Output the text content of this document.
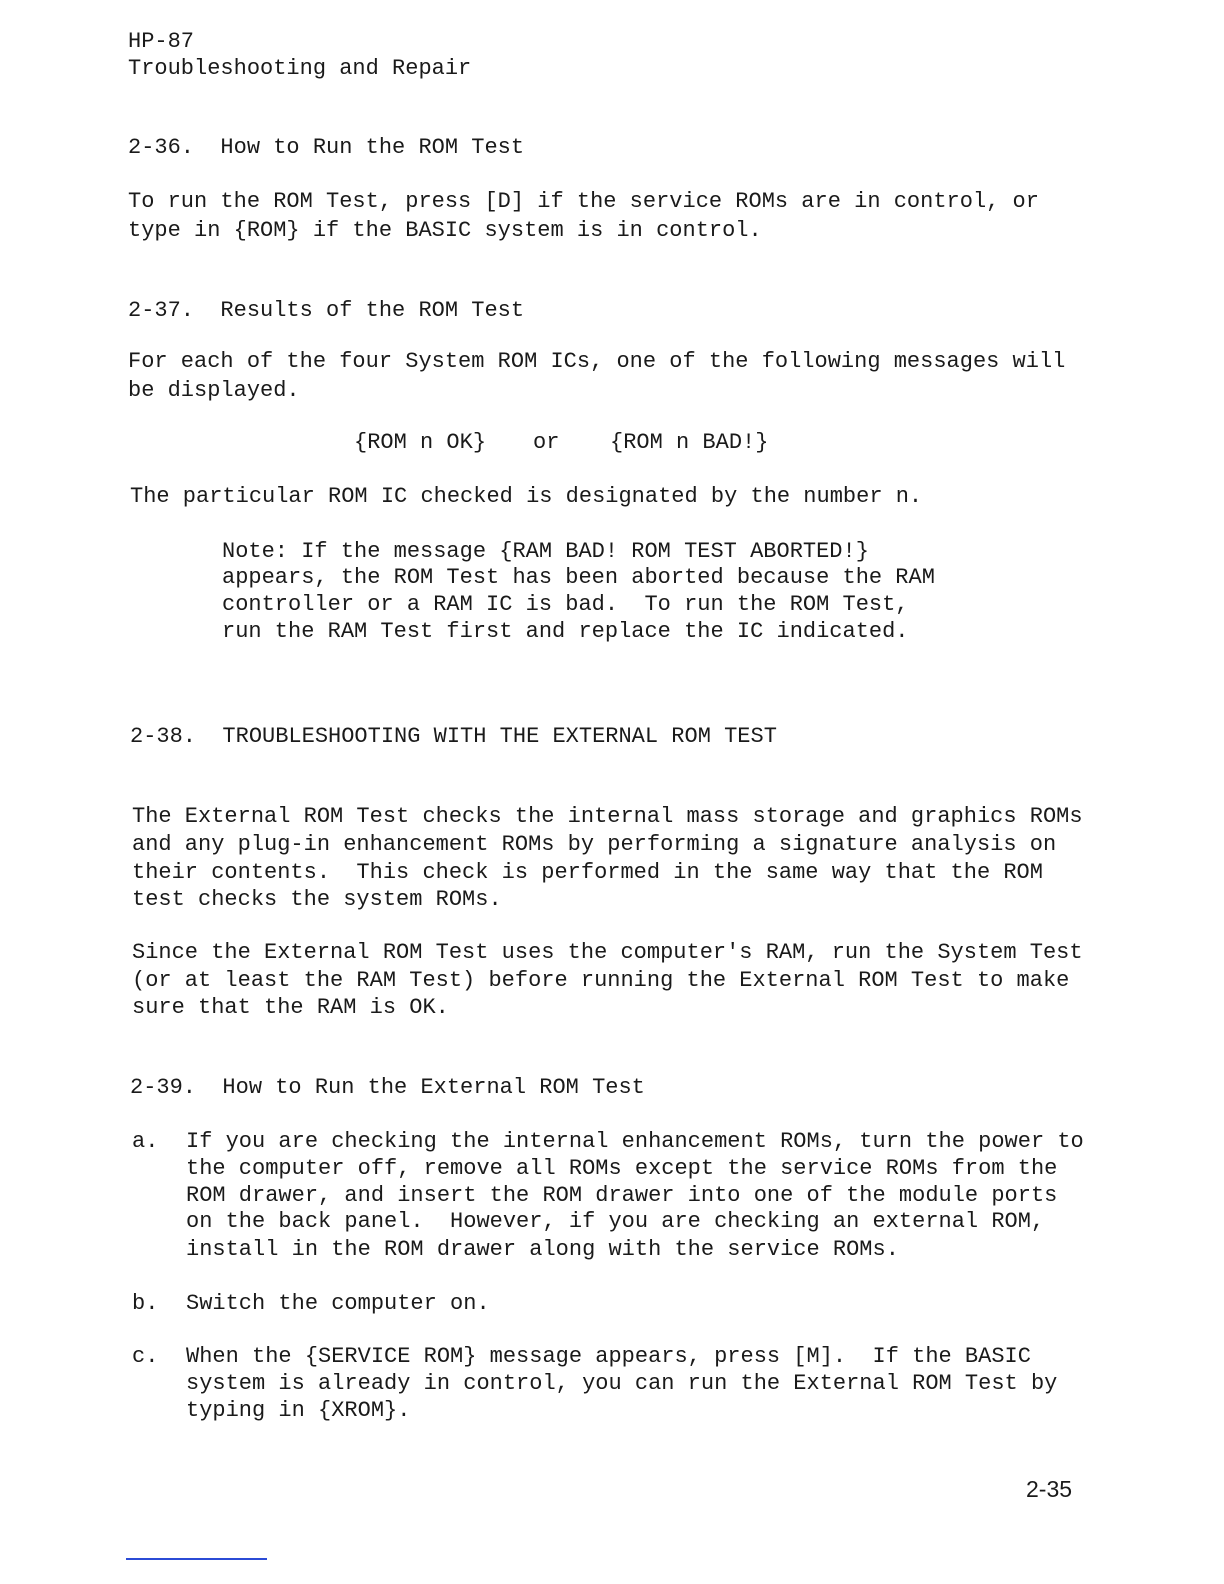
HP-87
Troubleshooting and Repair
2-36.  How to Run the ROM Test
To run the ROM Test, press [D] if the service ROMs are in control, or
type in {ROM} if the BASIC system is in control.
2-37.  Results of the ROM Test
For each of the four System ROM ICs, one of the following messages will
be displayed.
{ROM n OK} or {ROM n BAD!}
The particular ROM IC checked is designated by the number n.
Note: If the message {RAM BAD! ROM TEST ABORTED!}
appears, the ROM Test has been aborted because the RAM
controller or a RAM IC is bad.  To run the ROM Test,
run the RAM Test first and replace the IC indicated.
2-38.  TROUBLESHOOTING WITH THE EXTERNAL ROM TEST
The External ROM Test checks the internal mass storage and graphics ROMs
and any plug-in enhancement ROMs by performing a signature analysis on
their contents.  This check is performed in the same way that the ROM
test checks the system ROMs.
Since the External ROM Test uses the computer's RAM, run the System Test
(or at least the RAM Test) before running the External ROM Test to make
sure that the RAM is OK.
2-39.  How to Run the External ROM Test
a. If you are checking the internal enhancement ROMs, turn the power to
the computer off, remove all ROMs except the service ROMs from the
ROM drawer, and insert the ROM drawer into one of the module ports
on the back panel.  However, if you are checking an external ROM,
install in the ROM drawer along with the service ROMs.
b. Switch the computer on.
c. When the {SERVICE ROM} message appears, press [M].  If the BASIC
system is already in control, you can run the External ROM Test by
typing in {XROM}.
2-35
